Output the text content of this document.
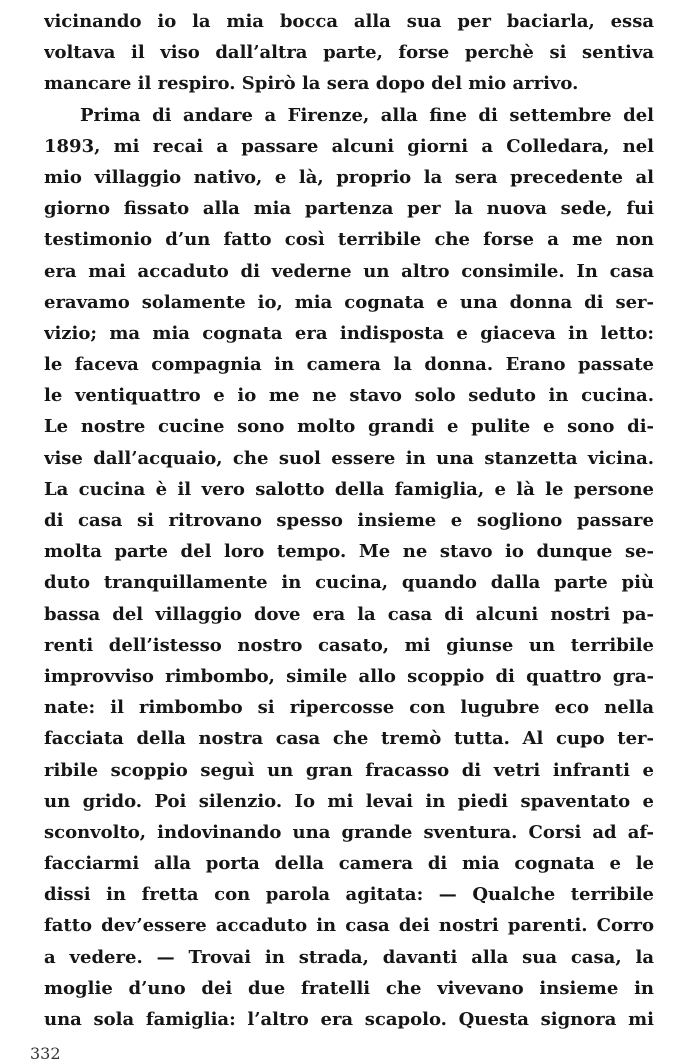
vicinando io la mia bocca alla sua per baciarla, essa
voltava il viso dall’altra parte, forse perchè si sentiva
mancare il respiro. Spirò la sera dopo del mio arrivo.
Prima di andare a Firenze, alla fine di settembre del
1893, mi recai a passare alcuni giorni a Colledara, nel
mio villaggio nativo, e là, proprio la sera precedente al
giorno fissato alla mia partenza per la nuova sede, fui
testimonio d’un fatto così terribile che forse a me non
era mai accaduto di vederne un altro consimile. In casa
eravamo solamente io, mia cognata e una donna di ser-
vizio; ma mia cognata era indisposta e giaceva in letto:
le faceva compagnia in camera la donna. Erano passate
le ventiquattro e io me ne stavo solo seduto in cucina.
Le nostre cucine sono molto grandi e pulite e sono di-
vise dall’acquaio, che suol essere in una stanzetta vicina.
La cucina è il vero salotto della famiglia, e là le persone
di casa si ritrovano spesso insieme e sogliono passare
molta parte del loro tempo. Me ne stavo io dunque se-
duto tranquillamente in cucina, quando dalla parte più
bassa del villaggio dove era la casa di alcuni nostri pa-
renti dell’istesso nostro casato, mi giunse un terribile
improvviso rimbombo, simile allo scoppio di quattro gra-
nate: il rimbombo si ripercosse con lugubre eco nella
facciata della nostra casa che tremò tutta. Al cupo ter-
ribile scoppio seguì un gran fracasso di vetri infranti e
un grido. Poi silenzio. Io mi levai in piedi spaventato e
sconvolto, indovinando una grande sventura. Corsi ad af-
facciarmi alla porta della camera di mia cognata e le
dissi in fretta con parola agitata: — Qualche terribile
fatto dev’essere accaduto in casa dei nostri parenti. Corro
a vedere. — Trovai in strada, davanti alla sua casa, la
moglie d’uno dei due fratelli che vivevano insieme in
una sola famiglia: l’altro era scapolo. Questa signora mi
332
